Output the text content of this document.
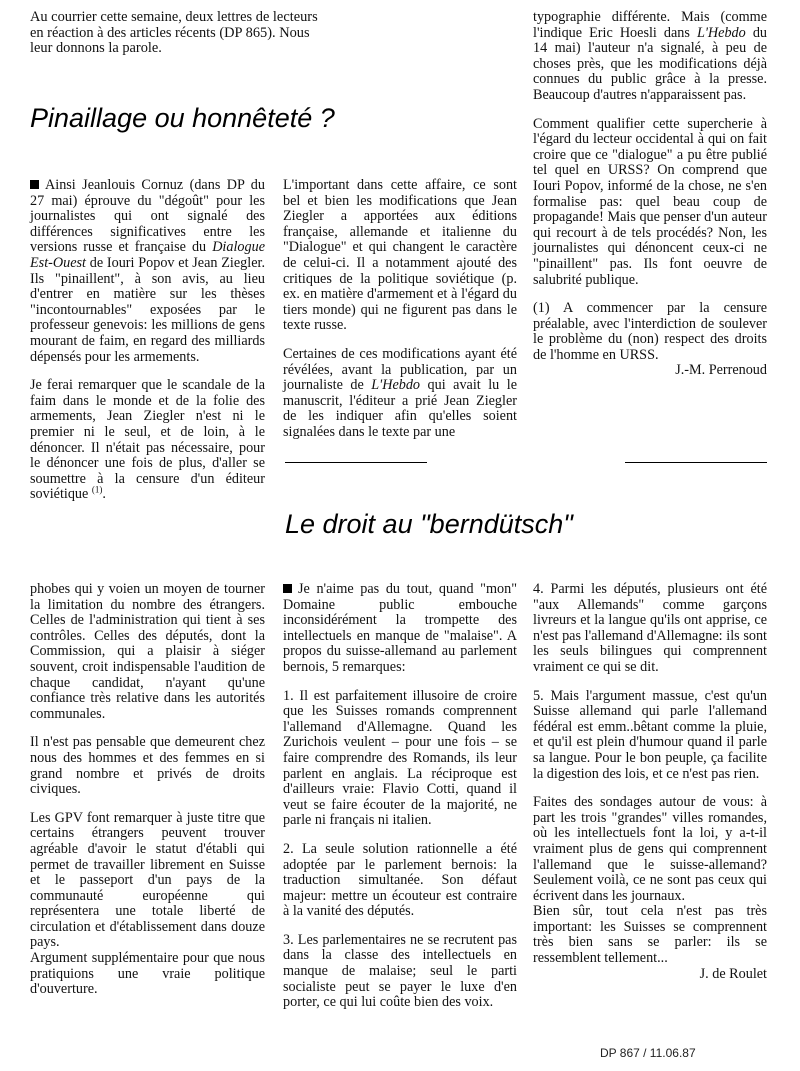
Au courrier cette semaine, deux lettres de lecteurs en réaction à des articles récents (DP 865). Nous leur donnons la parole.
Pinaillage ou honnêteté ?

Ainsi Jeanlouis Cornuz (dans DP du 27 mai) éprouve du "dégoût" pour les journalistes qui ont signalé des différences significatives entre les versions russe et française du Dialogue Est-Ouest de Iouri Popov et Jean Ziegler. Ils "pinaillent", à son avis, au lieu d'entrer en matière sur les thèses "incontournables" exposées par le professeur genevois: les millions de gens mourant de faim, en regard des milliards dépensés pour les armements.

Je ferai remarquer que le scandale de la faim dans le monde et de la folie des armements, Jean Ziegler n'est ni le premier ni le seul, et de loin, à le dénoncer. Il n'était pas nécessaire, pour le dénoncer une fois de plus, d'aller se soumettre à la censure d'un éditeur soviétique $^{(1)}$.

L'important dans cette affaire, ce sont bel et bien les modifications que Jean Ziegler a apportées aux éditions française, allemande et italienne du "Dialogue" et qui changent le caractère de celui-ci. Il a notamment ajouté des critiques de la politique soviétique (p. ex. en matière d'armement et à l'égard du tiers monde) qui ne figurent pas dans le texte russe.

Certaines de ces modifications ayant été révélées, avant la publication, par un journaliste de L'Hebdo qui avait lu le manuscrit, l'éditeur a prié Jean Ziegler de les indiquer afin qu'elles soient signalées dans le texte par une

typographie différente. Mais (comme l'indique Eric Hoesli dans L'Hebdo du 14 mai) l'auteur n'a signalé, à peu de choses près, que les modifications déjà connues du public grâce à la presse. Beaucoup d'autres n'apparaissent pas.

Comment qualifier cette supercherie à l'égard du lecteur occidental à qui on fait croire que ce "dialogue" a pu être publié tel quel en URSS? On comprend que Iouri Popov, informé de la chose, ne s'en formalise pas: quel beau coup de propagande! Mais que penser d'un auteur qui recourt à de tels procédés? Non, les journalistes qui dénoncent ceux-ci ne "pinaillent" pas. Ils font oeuvre de salubrité publique.

(1) A commencer par la censure préalable, avec l'interdiction de soulever le problème du (non) respect des droits de l'homme en URSS.

J.-M. Perrenoud

Le droit au "berndütsch"

phobes qui y voien un moyen de tourner la limitation du nombre des étrangers. Celles de l'administration qui tient à ses contrôles. Celles des députés, dont la Commission, qui a plaisir à siéger souvent, croit indispensable l'audition de chaque candidat, n'ayant qu'une confiance très relative dans les autorités communales.

Il n'est pas pensable que demeurent chez nous des hommes et des femmes en si grand nombre et privés de droits civiques.

Les GPV font remarquer à juste titre que certains étrangers peuvent trouver agréable d'avoir le statut d'établi qui permet de travailler librement en Suisse et le passeport d'un pays de la communauté européenne qui représentera une totale liberté de circulation et d'établissement dans douze pays.

Argument supplémentaire pour que nous pratiquions une vraie politique d'ouverture.

Je n'aime pas du tout, quand "mon" Domaine public embouche inconsidérément la trompette des intellectuels en manque de "malaise". A propos du suisse-allemand au parlement bernois, 5 remarques:

1. Il est parfaitement illusoire de croire que les Suisses romands comprennent l'allemand d'Allemagne. Quand les Zurichois veulent – pour une fois – se faire comprendre des Romands, ils leur parlent en anglais. La réciproque est d'ailleurs vraie: Flavio Cotti, quand il veut se faire écouter de la majorité, ne parle ni français ni italien.

2. La seule solution rationnelle a été adoptée par le parlement bernois: la traduction simultanée. Son défaut majeur: mettre un écouteur est contraire à la vanité des députés.

3. Les parlementaires ne se recrutent pas dans la classe des intellectuels en manque de malaise; seul le parti socialiste peut se payer le luxe d'en porter, ce qui lui coûte bien des voix.

4. Parmi les députés, plusieurs ont été "aux Allemands" comme garçons livreurs et la langue qu'ils ont apprise, ce n'est pas l'allemand d'Allemagne: ils sont les seuls bilingues qui comprennent vraiment ce qui se dit.

5. Mais l'argument massue, c'est qu'un Suisse allemand qui parle l'allemand fédéral est emm..bêtant comme la pluie, et qu'il est plein d'humour quand il parle sa langue. Pour le bon peuple, ça facilite la digestion des lois, et ce n'est pas rien.

Faites des sondages autour de vous: à part les trois "grandes" villes romandes, où les intellectuels font la loi, y a-t-il vraiment plus de gens qui comprennent l'allemand que le suisse-allemand? Seulement voilà, ce ne sont pas ceux qui écrivent dans les journaux.

Bien sûr, tout cela n'est pas très important: les Suisses se comprennent très bien sans se parler: ils se ressemblent tellement...

J. de Roulet

DP 867 / 11.06.87
